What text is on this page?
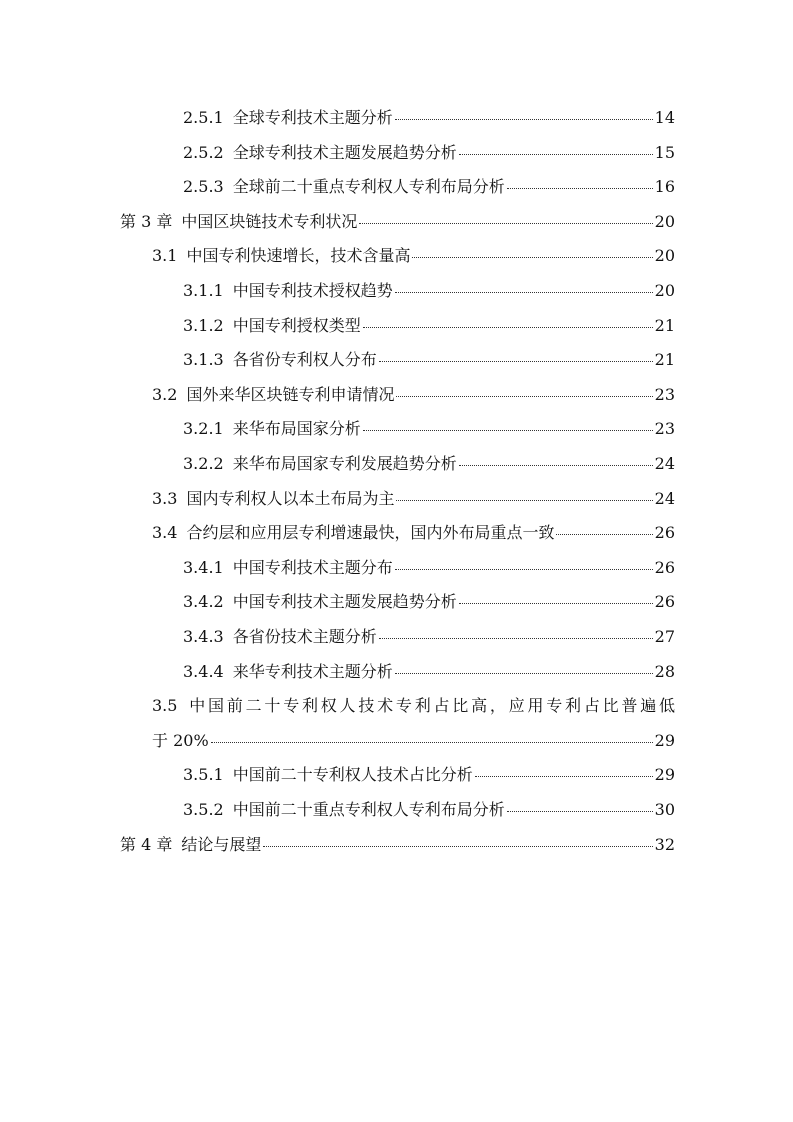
2.5.1 全球专利技术主题分析	14
2.5.2 全球专利技术主题发展趋势分析	15
2.5.3 全球前二十重点专利权人专利布局分析	16
第 3 章 中国区块链技术专利状况	20
3.1 中国专利快速增长，技术含量高	20
3.1.1 中国专利技术授权趋势	20
3.1.2 中国专利授权类型	21
3.1.3 各省份专利权人分布	21
3.2 国外来华区块链专利申请情况	23
3.2.1 来华布局国家分析	23
3.2.2 来华布局国家专利发展趋势分析	24
3.3 国内专利权人以本土布局为主	24
3.4 合约层和应用层专利增速最快，国内外布局重点一致	26
3.4.1 中国专利技术主题分布	26
3.4.2 中国专利技术主题发展趋势分析	26
3.4.3 各省份技术主题分析	27
3.4.4 来华专利技术主题分析	28
3.5 中国前二十专利权人技术专利占比高，应用专利占比普遍低
于 20%	29
3.5.1 中国前二十专利权人技术占比分析	29
3.5.2 中国前二十重点专利权人专利布局分析	30
第 4 章 结论与展望	32
